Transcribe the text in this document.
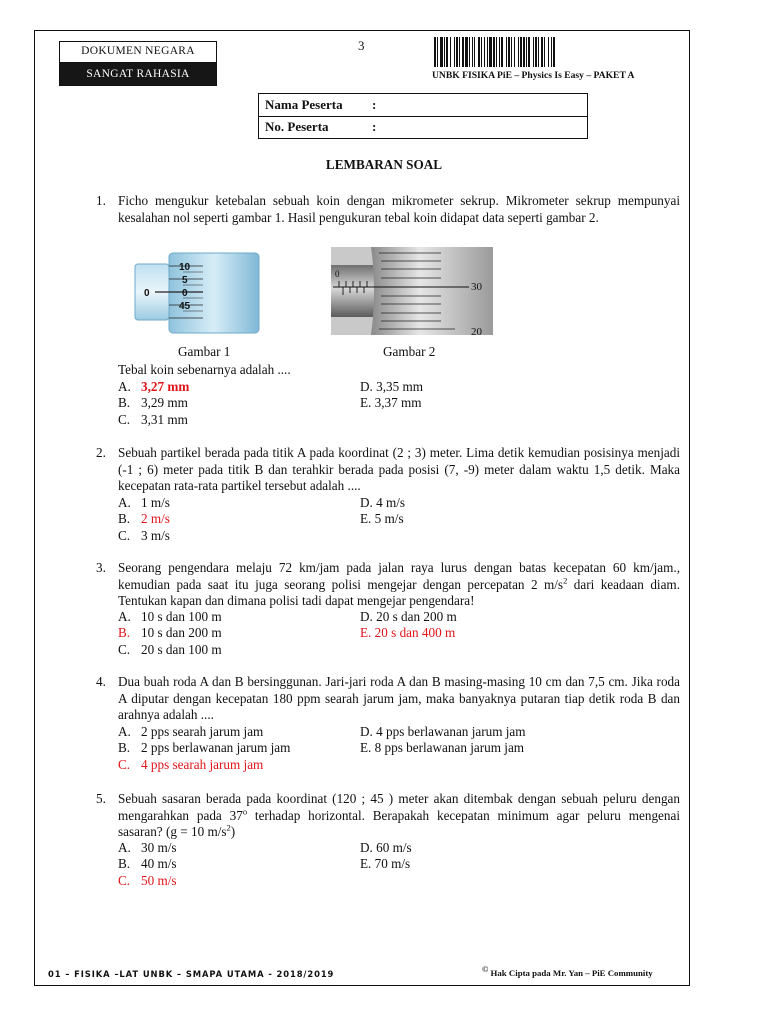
DOKUMEN NEGARA
SANGAT RAHASIA
3
UNBK FISIKA PiE – Physics Is Easy – PAKET A
Nama Peserta :
No. Peserta	:
LEMBARAN SOAL
1. Ficho mengukur ketebalan sebuah koin dengan mikrometer sekrup. Mikrometer sekrup mempunyai kesalahan nol seperti gambar 1. Hasil pengukuran tebal koin didapat data seperti gambar 2.
0
10
5
0
45
0
30
20
Gambar 1	Gambar 2
Tebal koin sebenarnya adalah ....
A. 3,27 mm
B. 3,29 mm
C. 3,31 mm
D. 3,35 mm
E. 3,37 mm
2. Sebuah partikel berada pada titik A pada koordinat (2 ; 3) meter. Lima detik kemudian posisinya menjadi (-1 ; 6) meter pada titik B dan terahkir berada pada posisi (7, -9) meter dalam waktu 1,5 detik. Maka kecepatan rata-rata partikel tersebut adalah ....
A. 1 m/s
B. 2 m/s
C. 3 m/s
D. 4 m/s
E. 5 m/s
3. Seorang pengendara melaju 72 km/jam pada jalan raya lurus dengan batas kecepatan 60 km/jam., kemudian pada saat itu juga seorang polisi mengejar dengan percepatan 2 $m/s^2$ dari keadaan diam. Tentukan kapan dan dimana polisi tadi dapat mengejar pengendara!
A. 10 s dan 100 m
B. 10 s dan 200 m
C. 20 s dan 100 m
D. 20 s dan 200 m
E. 20 s dan 400 m
4. Dua buah roda A dan B bersinggunan. Jari-jari roda A dan B masing-masing 10 cm dan 7,5 cm. Jika roda A diputar dengan kecepatan 180 ppm searah jarum jam, maka banyaknya putaran tiap detik roda B dan arahnya adalah ....
A. 2 pps searah jarum jam
B. 2 pps berlawanan jarum jam
C. 4 pps searah jarum jam
D. 4 pps berlawanan jarum jam
E. 8 pps berlawanan jarum jam
5. Sebuah sasaran berada pada koordinat (120 ; 45 ) meter akan ditembak dengan sebuah peluru dengan mengarahkan pada 37$^o$ terhadap horizontal. Berapakah kecepatan minimum agar peluru mengenai sasaran? (g = 10 $m/s^2$)
A. 30 m/s
B. 40 m/s
C. 50 m/s
D. 60 m/s
E. 70 m/s
01 – FISIKA –LAT UNBK – SMAPA UTAMA - 2018/2019	© Hak Cipta pada Mr. Yan – PiE Community
